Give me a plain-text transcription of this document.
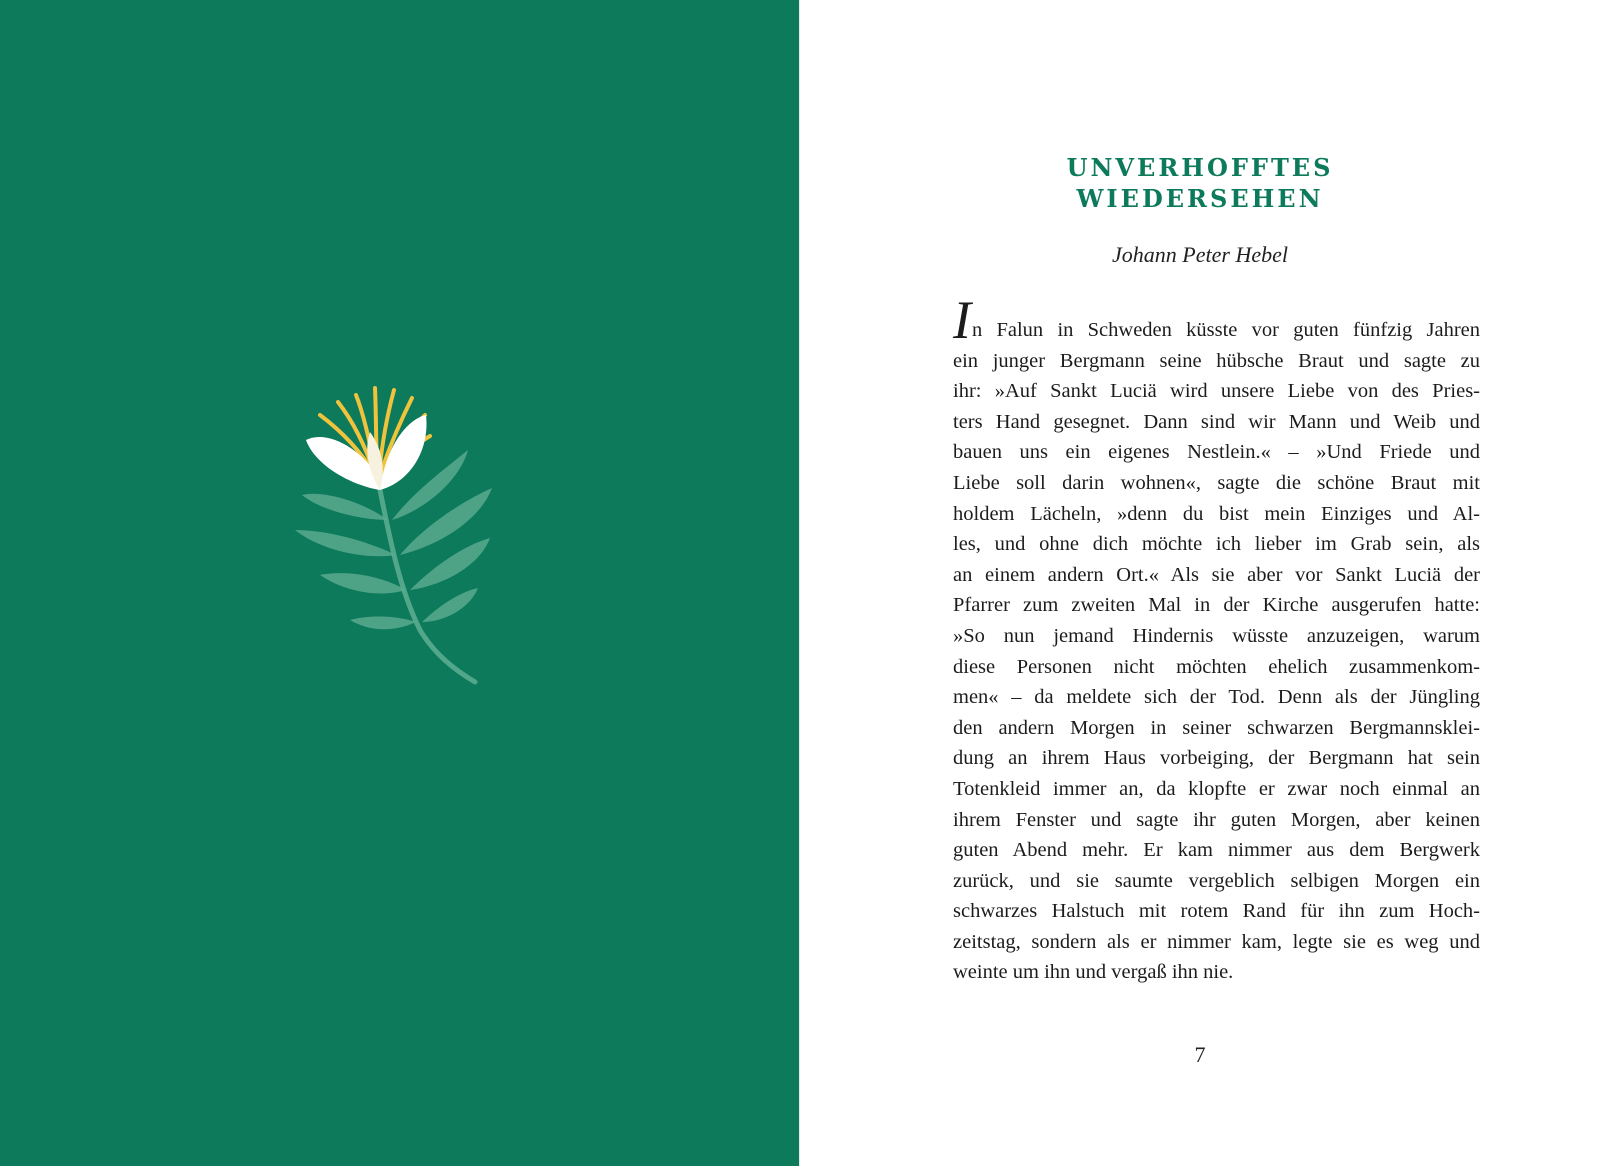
UNVERHOFFTES
WIEDERSEHEN

Johann Peter Hebel

In Falun in Schweden küsste vor guten fünfzig Jahren
ein junger Bergmann seine hübsche Braut und sagte zu
ihr: »Auf Sankt Luciä wird unsere Liebe von des Pries-
ters Hand gesegnet. Dann sind wir Mann und Weib und
bauen uns ein eigenes Nestlein.« – »Und Friede und
Liebe soll darin wohnen«, sagte die schöne Braut mit
holdem Lächeln, »denn du bist mein Einziges und Al-
les, und ohne dich möchte ich lieber im Grab sein, als
an einem andern Ort.« Als sie aber vor Sankt Luciä der
Pfarrer zum zweiten Mal in der Kirche ausgerufen hatte:
»So nun jemand Hindernis wüsste anzuzeigen, warum
diese Personen nicht möchten ehelich zusammenkom-
men« – da meldete sich der Tod. Denn als der Jüngling
den andern Morgen in seiner schwarzen Bergmannsklei-
dung an ihrem Haus vorbeiging, der Bergmann hat sein
Totenkleid immer an, da klopfte er zwar noch einmal an
ihrem Fenster und sagte ihr guten Morgen, aber keinen
guten Abend mehr. Er kam nimmer aus dem Bergwerk
zurück, und sie saumte vergeblich selbigen Morgen ein
schwarzes Halstuch mit rotem Rand für ihn zum Hoch-
zeitstag, sondern als er nimmer kam, legte sie es weg und
weinte um ihn und vergaß ihn nie.

7
